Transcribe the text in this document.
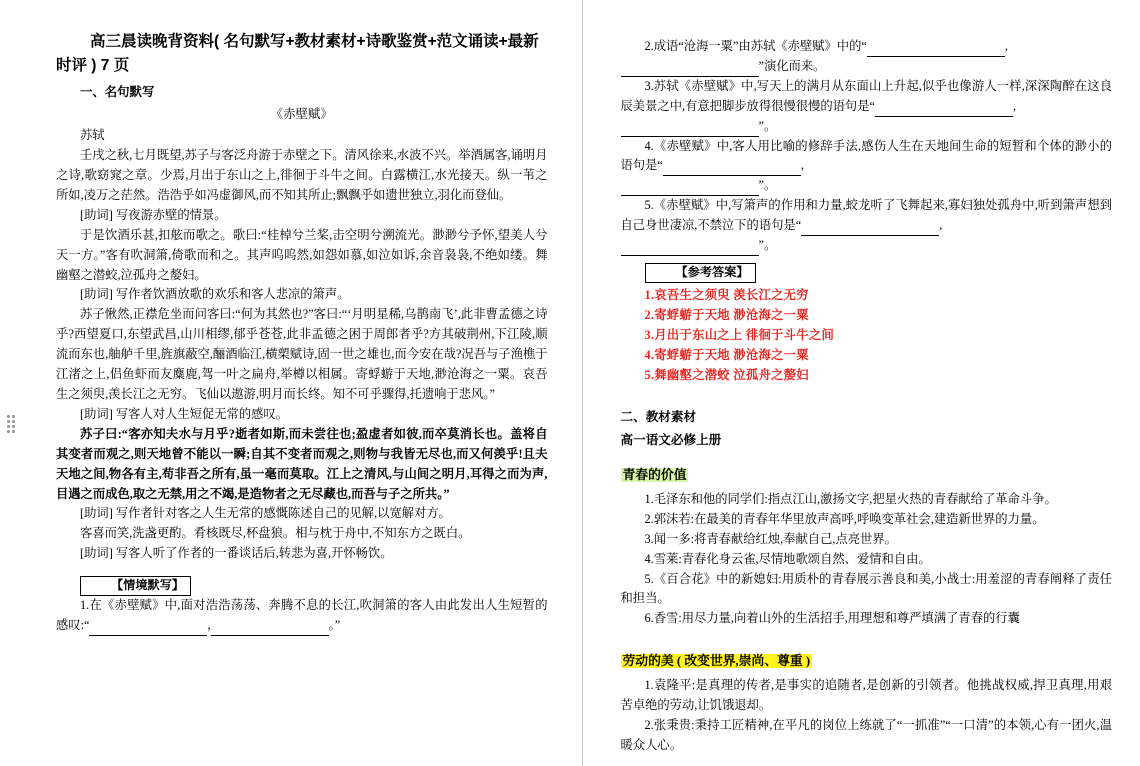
高三晨读晚背资料( 名句默写+教材素材+诗歌鉴赏+范文诵读+最新时评 ) 7 页
一、名句默写
《赤壁赋》
苏轼

壬戌之秋,七月既望,苏子与客泛舟游于赤壁之下。清风徐来,水波不兴。举酒属客,诵明月之诗,歌窈窕之章。少焉,月出于东山之上,徘徊于斗牛之间。白露横江,水光接天。纵一苇之所如,凌万之茫然。浩浩乎如冯虚御风,而不知其所止;飘飘乎如遗世独立,羽化而登仙。

[助词] 写夜游赤壁的情景。

于是饮酒乐甚,扣舷而歌之。歌曰:“桂棹兮兰桨,击空明兮溯流光。渺渺兮予怀,望美人兮天一方。”客有吹洞箫,倚歌而和之。其声呜呜然,如怨如慕,如泣如诉,余音袅袅,不绝如缕。舞幽壑之潜蛟,泣孤舟之嫠妇。

[助词] 写作者饮酒放歌的欢乐和客人悲凉的箫声。

苏子愀然,正襟危坐而问客曰:“何为其然也?”客曰:“‘月明星稀,乌鹊南飞’,此非曹孟德之诗乎?西望夏口,东望武昌,山川相缪,郁乎苍苍,此非孟德之困于周郎者乎?方其破荆州,下江陵,顺流而东也,舳舻千里,旌旗蔽空,酾酒临江,横槊赋诗,固一世之雄也,而今安在哉?况吾与子渔樵于江渚之上,侣鱼虾而友麋鹿,驾一叶之扁舟,举樽以相属。寄蜉蝣于天地,渺沧海之一粟。哀吾生之须臾,羡长江之无穷。飞仙以遨游,明月而长终。知不可乎骤得,托遗响于悲风。”

[助词] 写客人对人生短促无常的感叹。

苏子曰:“客亦知夫水与月乎?逝者如斯,而未尝往也;盈虚者如彼,而卒莫消长也。盖将自其变者而观之,则天地曾不能以一瞬;自其不变者而观之,则物与我皆无尽也,而又何羡乎!且夫天地之间,物各有主,苟非吾之所有,虽一毫而莫取。江上之清风,与山间之明月,耳得之而为声,目遇之而成色,取之无禁,用之不竭,是造物者之无尽藏也,而吾与子之所共。”

[助词] 写作者针对客之人生无常的感慨陈述自己的见解,以宽解对方。

客喜而笑,洗盏更酌。肴核既尽,杯盘狼。相与枕于舟中,不知东方之既白。

[助词] 写客人听了作者的一番谈话后,转悲为喜,开怀畅饮。

【情境默写】

1.在《赤壁赋》中,面对浩浩荡荡、奔腾不息的长江,吹洞箫的客人由此发出人生短暂的感叹:“	,	。”

2.成语“沧海一粟”由苏轼《赤壁赋》中的“	,
”演化而来。

3.苏轼《赤壁赋》中,写天上的满月从东面山上升起,似乎也像游人一样,深深陶醉在这良辰美景之中,有意把脚步放得很慢很慢的语句是“	,
”。

4.《赤壁赋》中,客人用比喻的修辞手法,感伤人生在天地间生命的短暂和个体的渺小的语句是“	,
”。

5.《赤壁赋》中,写箫声的作用和力量,蛟龙听了飞舞起来,寡妇独处孤舟中,听到箫声想到自己身世凄凉,不禁泣下的语句是“	,
”。

【参考答案】

1.哀吾生之须臾 羡长江之无穷

2.寄蜉蝣于天地 渺沧海之一粟

3.月出于东山之上 徘徊于斗牛之间

4.寄蜉蝣于天地 渺沧海之一粟

5.舞幽壑之潜蛟 泣孤舟之嫠妇

二、教材素材
高一语文必修上册
青春的价值

1.毛泽东和他的同学们:指点江山,激扬文字,把星火热的青春献给了革命斗争。

2.郭沫若:在最美的青春年华里放声高呼,呼唤变革社会,建造新世界的力量。

3.闻一多:将青春献给红烛,奉献自己,点亮世界。

4.雪莱:青春化身云雀,尽情地歌颂自然、爱情和自由。

5.《百合花》中的新媳妇:用质朴的青春展示善良和美,小战士:用羞涩的青春阐释了责任和担当。

6.香雪:用尽力量,向着山外的生活招手,用理想和尊严填满了青春的行囊

劳动的美 ( 改变世界,崇尚、尊重 )

1.袁隆平:是真理的传者,是事实的追随者,是创新的引领者。他挑战权威,捍卫真理,用艰苦卓绝的劳动,让饥饿退却。

2.张秉贵:秉持工匠精神,在平凡的岗位上练就了“一抓准”“一口清”的本领,心有一团火,温暖众人心。
